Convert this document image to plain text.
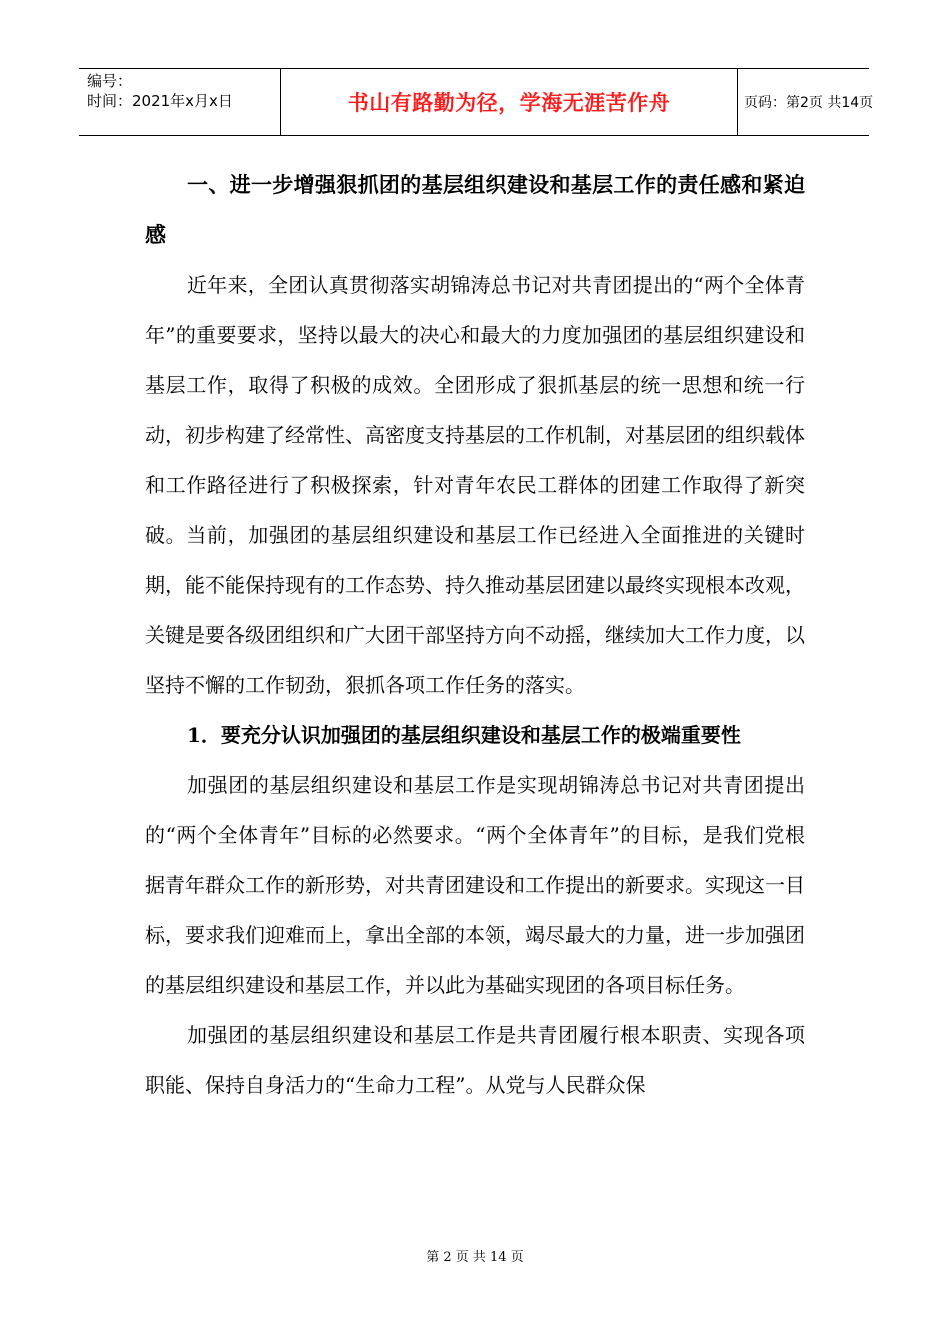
编号：
时间：2021年x月x日	书山有路勤为径，学海无涯苦作舟	页码：第2页 共14页

一、进一步增强狠抓团的基层组织建设和基层工作的责任感和紧迫感

近年来，全团认真贯彻落实胡锦涛总书记对共青团提出的“两个全体青年”的重要要求，坚持以最大的决心和最大的力度加强团的基层组织建设和基层工作，取得了积极的成效。全团形成了狠抓基层的统一思想和统一行动，初步构建了经常性、高密度支持基层的工作机制，对基层团的组织载体和工作路径进行了积极探索，针对青年农民工群体的团建工作取得了新突破。当前，加强团的基层组织建设和基层工作已经进入全面推进的关键时期，能不能保持现有的工作态势、持久推动基层团建以最终实现根本改观，关键是要各级团组织和广大团干部坚持方向不动摇，继续加大工作力度，以坚持不懈的工作韧劲，狠抓各项工作任务的落实。

1．要充分认识加强团的基层组织建设和基层工作的极端重要性

加强团的基层组织建设和基层工作是实现胡锦涛总书记对共青团提出的“两个全体青年”目标的必然要求。“两个全体青年”的目标，是我们党根据青年群众工作的新形势，对共青团建设和工作提出的新要求。实现这一目标，要求我们迎难而上，拿出全部的本领，竭尽最大的力量，进一步加强团的基层组织建设和基层工作，并以此为基础实现团的各项目标任务。

加强团的基层组织建设和基层工作是共青团履行根本职责、实现各项职能、保持自身活力的“生命力工程”。从党与人民群众保

第 2 页 共 14 页
